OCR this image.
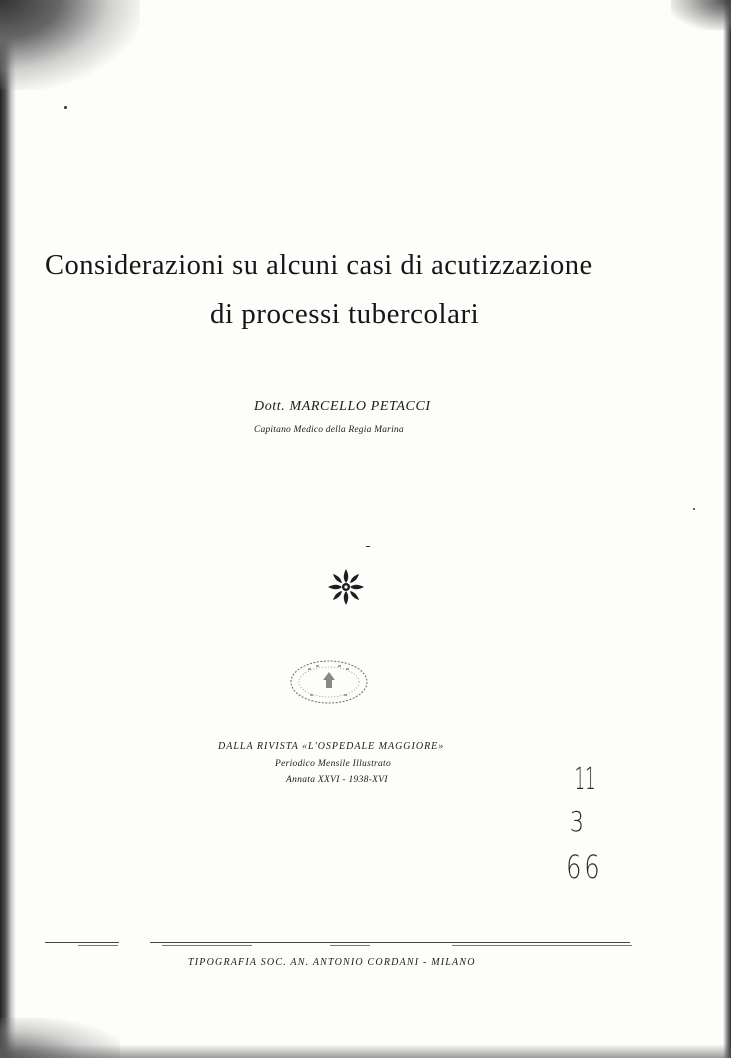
Considerazioni su alcuni casi di acutizzazione
di processi tubercolari
Dott. MARCELLO PETACCI
Capitano Medico della Regia Marina
DALLA RIVISTA «L'OSPEDALE MAGGIORE»
Periodico Mensile Illustrato
Annata XXVI - 1938-XVI	11
3
66
TIPOGRAFIA SOC. AN. ANTONIO CORDANI - MILANO
